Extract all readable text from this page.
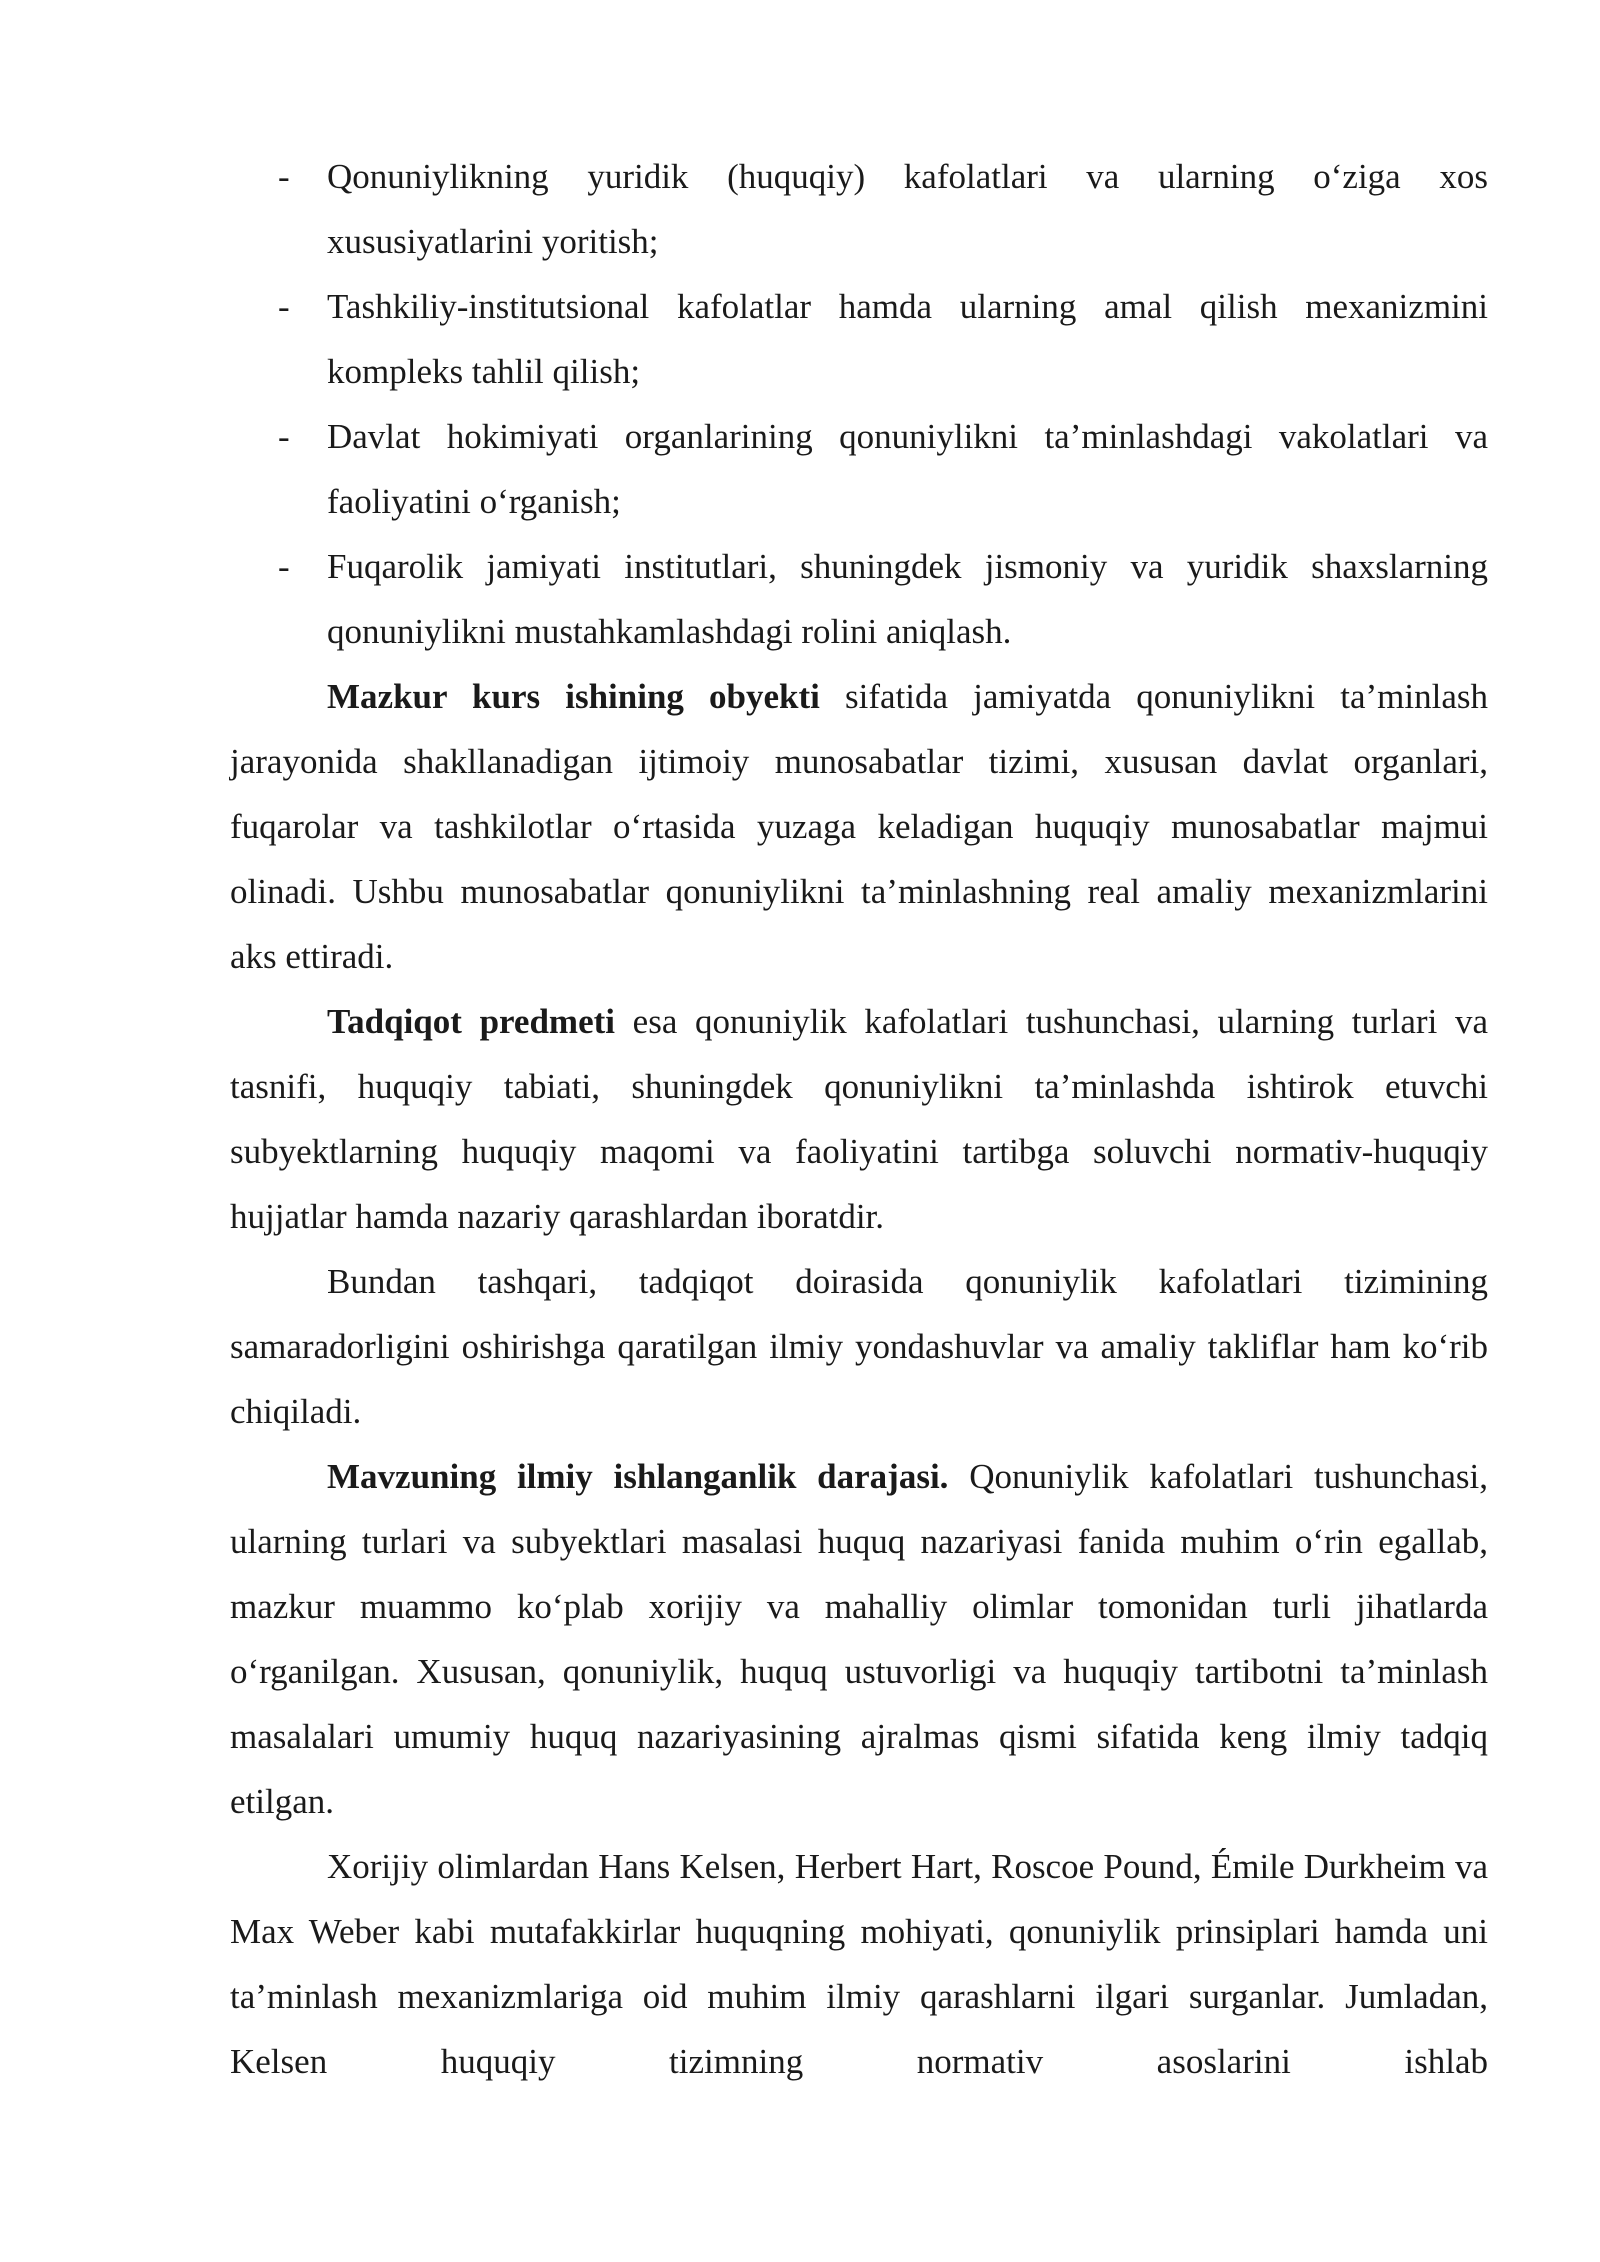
- Qonuniylikning yuridik (huquqiy) kafolatlari va ularning o‘ziga xos xususiyatlarini yoritish;
- Tashkiliy-institutsional kafolatlar hamda ularning amal qilish mexanizmini kompleks tahlil qilish;
- Davlat hokimiyati organlarining qonuniylikni ta’minlashdagi vakolatlari va faoliyatini o‘rganish;
- Fuqarolik jamiyati institutlari, shuningdek jismoniy va yuridik shaxslarning qonuniylikni mustahkamlashdagi rolini aniqlash.

Mazkur kurs ishining obyekti sifatida jamiyatda qonuniylikni ta’minlash jarayonida shakllanadigan ijtimoiy munosabatlar tizimi, xususan davlat organlari, fuqarolar va tashkilotlar o‘rtasida yuzaga keladigan huquqiy munosabatlar majmui olinadi. Ushbu munosabatlar qonuniylikni ta’minlashning real amaliy mexanizmlarini aks ettiradi.

Tadqiqot predmeti esa qonuniylik kafolatlari tushunchasi, ularning turlari va tasnifi, huquqiy tabiati, shuningdek qonuniylikni ta’minlashda ishtirok etuvchi subyektlarning huquqiy maqomi va faoliyatini tartibga soluvchi normativ-huquqiy hujjatlar hamda nazariy qarashlardan iboratdir.

Bundan tashqari, tadqiqot doirasida qonuniylik kafolatlari tizimining samaradorligini oshirishga qaratilgan ilmiy yondashuvlar va amaliy takliflar ham ko‘rib chiqiladi.

Mavzuning ilmiy ishlanganlik darajasi. Qonuniylik kafolatlari tushunchasi, ularning turlari va subyektlari masalasi huquq nazariyasi fanida muhim o‘rin egallab, mazkur muammo ko‘plab xorijiy va mahalliy olimlar tomonidan turli jihatlarda o‘rganilgan. Xususan, qonuniylik, huquq ustuvorligi va huquqiy tartibotni ta’minlash masalalari umumiy huquq nazariyasining ajralmas qismi sifatida keng ilmiy tadqiq etilgan.

Xorijiy olimlardan Hans Kelsen, Herbert Hart, Roscoe Pound, Émile Durkheim va Max Weber kabi mutafakkirlar huquqning mohiyati, qonuniylik prinsiplari hamda uni ta’minlash mexanizmlariga oid muhim ilmiy qarashlarni ilgari surganlar. Jumladan, Kelsen huquqiy tizimning normativ asoslarini ishlab
